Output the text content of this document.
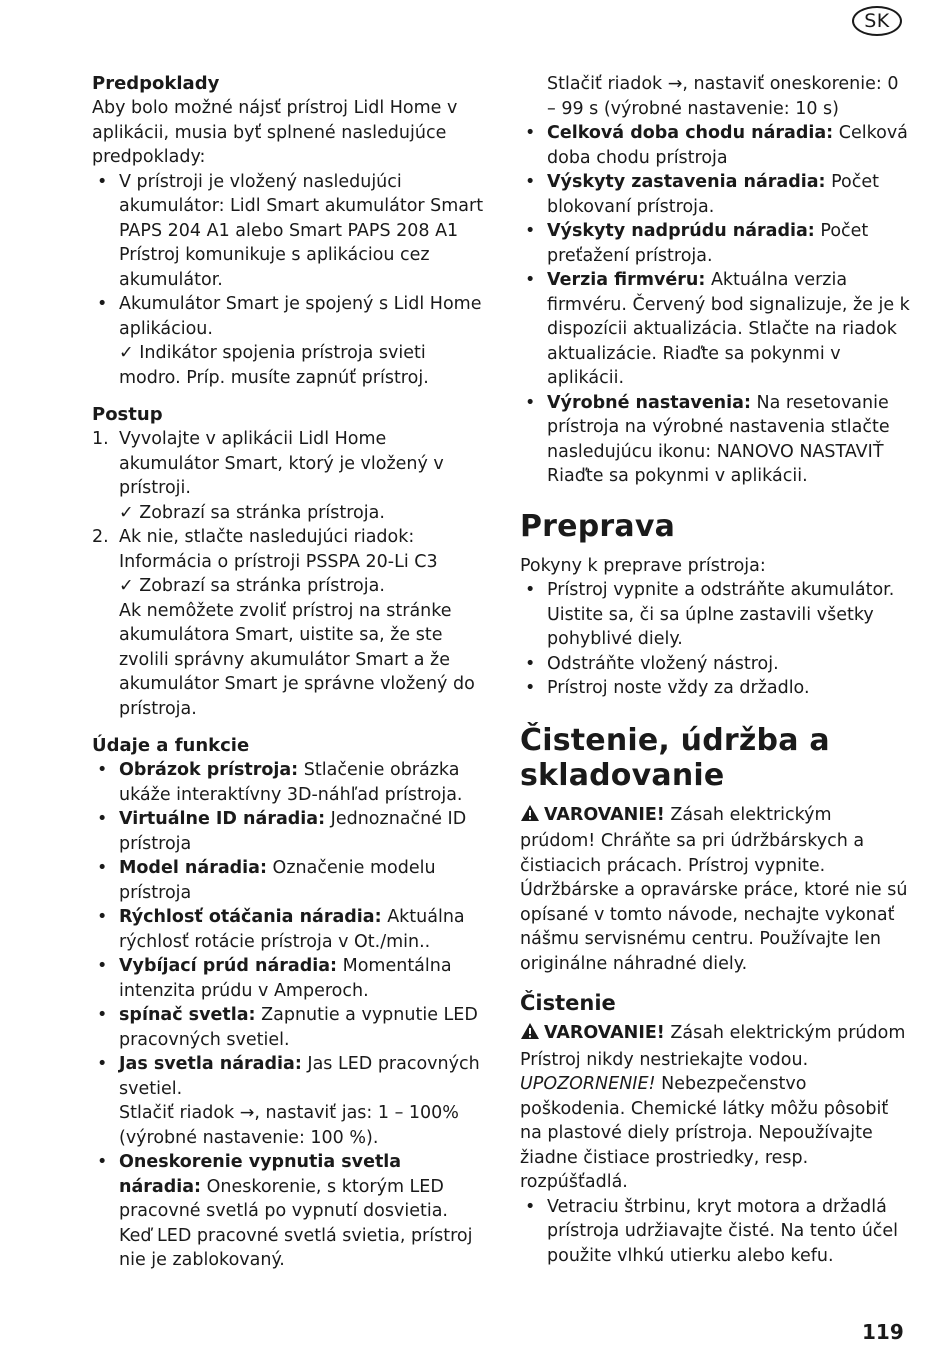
SK
Predpoklady

Aby bolo možné nájsť prístroj Lidl Home v aplikácii, musia byť splnené nasledujúce predpoklady:

• V prístroji je vložený nasledujúci akumulátor: Lidl Smart akumulátor Smart PAPS 204 A1 alebo Smart PAPS 208 A1
Prístroj komunikuje s aplikáciou cez akumulátor.
• Akumulátor Smart je spojený s Lidl Home aplikáciou.
✓ Indikátor spojenia prístroja svieti modro. Príp. musíte zapnúť prístroj.
Postup
1. Vyvolajte v aplikácii Lidl Home akumulátor Smart, ktorý je vložený v prístroji.
✓ Zobrazí sa stránka prístroja.
2. Ak nie, stlačte nasledujúci riadok: Informácia o prístroji PSSPA 20-Li C3
✓ Zobrazí sa stránka prístroja.
Ak nemôžete zvoliť prístroj na stránke akumulátora Smart, uistite sa, že ste zvolili správny akumulátor Smart a že akumulátor Smart je správne vložený do prístroja.
Údaje a funkcie
• Obrázok prístroja: Stlačenie obrázka ukáže interaktívny 3D-náhľad prístroja.
• Virtuálne ID náradia: Jednoznačné ID prístroja
• Model náradia: Označenie modelu prístroja
• Rýchlosť otáčania náradia: Aktuálna rýchlosť rotácie prístroja v Ot./min..
• Vybíjací prúd náradia: Momentálna intenzita prúdu v Amperoch.
• spínač svetla: Zapnutie a vypnutie LED pracovných svetiel.
• Jas svetla náradia: Jas LED pracovných svetiel.
Stlačiť riadok →, nastaviť jas: 1 – 100% (výrobné nastavenie: 100 %).
• Oneskorenie vypnutia svetla náradia: Oneskorenie, s ktorým LED pracovné svetlá po vypnutí dosvietia. Keď LED pracovné svetlá svietia, prístroj nie je zablokovaný.

Stlačiť riadok →, nastaviť oneskorenie: 0 – 99 s (výrobné nastavenie: 10 s)

• Celková doba chodu náradia: Celková doba chodu prístroja
• Výskyty zastavenia náradia: Počet blokovaní prístroja.
• Výskyty nadprúdu náradia: Počet preťažení prístroja.
• Verzia firmvéru: Aktuálna verzia firmvéru. Červený bod signalizuje, že je k dispozícii aktualizácia. Stlačte na riadok aktualizácie. Riaďte sa pokynmi v aplikácii.
• Výrobné nastavenia: Na resetovanie prístroja na výrobné nastavenia stlačte nasledujúcu ikonu: NANOVO NASTAVIŤ
Riaďte sa pokynmi v aplikácii.
Preprava

Pokyny k preprave prístroja:

• Prístroj vypnite a odstráňte akumulátor. Uistite sa, či sa úplne zastavili všetky pohyblivé diely.
• Odstráňte vložený nástroj.
• Prístroj noste vždy za držadlo.
Čistenie, údržba a skladovanie

VAROVANIE! Zásah elektrickým prúdom! Chráňte sa pri údržbárskych a čistiacich prácach. Prístroj vypnite.

Údržbárske a opravárske práce, ktoré nie sú opísané v tomto návode, nechajte vykonať nášmu servisnému centru. Používajte len originálne náhradné diely.

Čistenie

VAROVANIE! Zásah elektrickým prúdom

Prístroj nikdy nestriekajte vodou.

UPOZORNENIE! Nebezpečenstvo poškodenia. Chemické látky môžu pôsobiť na plastové diely prístroja. Nepoužívajte žiadne čistiace prostriedky, resp. rozpúšťadlá.

• Vetraciu štrbinu, kryt motora a držadlá prístroja udržiavajte čisté. Na tento účel použite vlhkú utierku alebo kefu.
119
